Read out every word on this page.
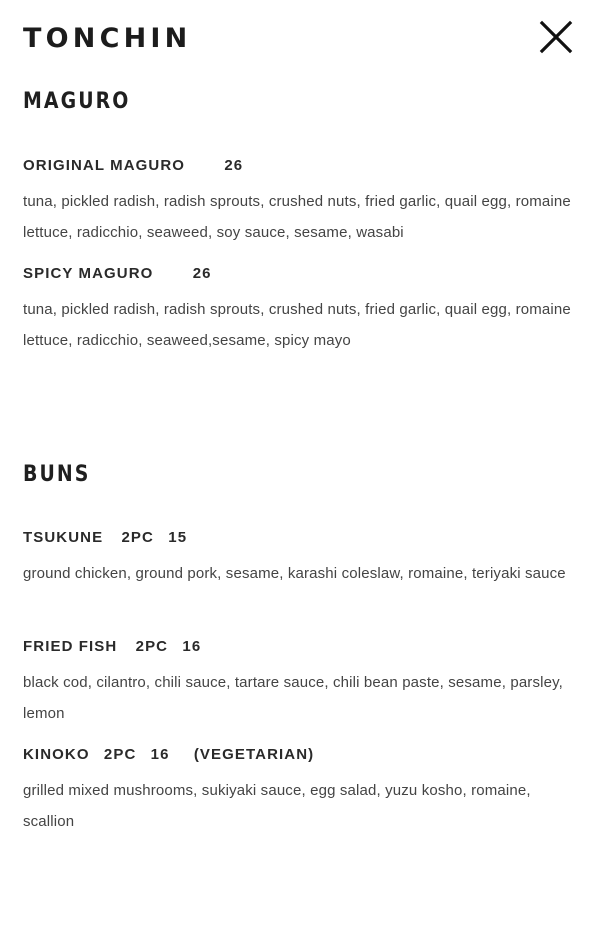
TONCHIN
MAGURO
ORIGINAL MAGURO	26
tuna, pickled radish, radish sprouts, crushed nuts, fried garlic, quail egg, romaine lettuce, radicchio, seaweed, soy sauce, sesame, wasabi
SPICY MAGURO	26
tuna, pickled radish, radish sprouts, crushed nuts, fried garlic, quail egg, romaine lettuce, radicchio, seaweed,sesame, spicy mayo
BUNS
TSUKUNE 2PC 15
ground chicken, ground pork, sesame, karashi coleslaw, romaine, teriyaki sauce
FRIED FISH 2PC 16
black cod, cilantro, chili sauce, tartare sauce, chili bean paste, sesame, parsley, lemon
KINOKO 2PC 16 (VEGETARIAN)
grilled mixed mushrooms, sukiyaki sauce, egg salad, yuzu kosho, romaine, scallion
